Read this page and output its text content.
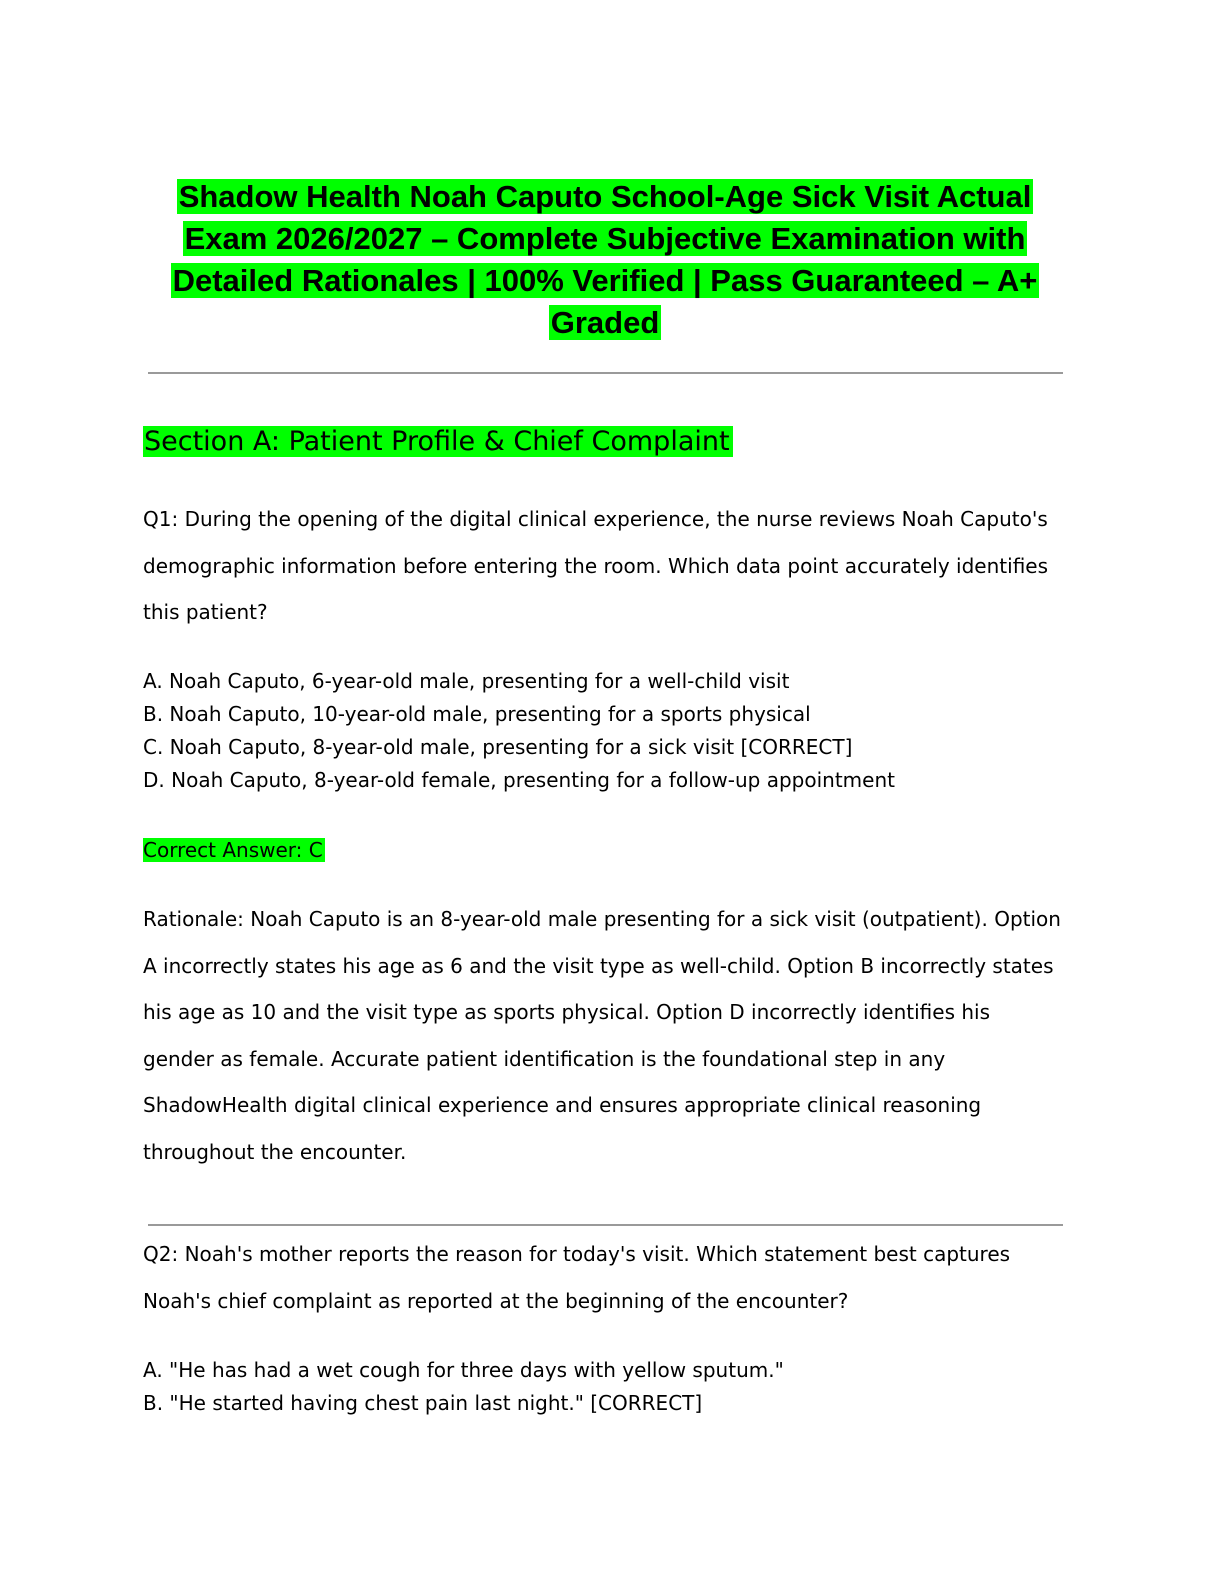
Shadow Health Noah Caputo School-Age Sick Visit Actual Exam 2026/2027 – Complete Subjective Examination with Detailed Rationales | 100% Verified | Pass Guaranteed – A+ Graded
Section A: Patient Profile & Chief Complaint

Q1: During the opening of the digital clinical experience, the nurse reviews Noah Caputo's demographic information before entering the room. Which data point accurately identifies this patient?

A. Noah Caputo, 6-year-old male, presenting for a well-child visit
B. Noah Caputo, 10-year-old male, presenting for a sports physical
C. Noah Caputo, 8-year-old male, presenting for a sick visit [CORRECT]
D. Noah Caputo, 8-year-old female, presenting for a follow-up appointment

Correct Answer: C

Rationale: Noah Caputo is an 8-year-old male presenting for a sick visit (outpatient). Option A incorrectly states his age as 6 and the visit type as well-child. Option B incorrectly states his age as 10 and the visit type as sports physical. Option D incorrectly identifies his gender as female. Accurate patient identification is the foundational step in any ShadowHealth digital clinical experience and ensures appropriate clinical reasoning throughout the encounter.

Q2: Noah's mother reports the reason for today's visit. Which statement best captures Noah's chief complaint as reported at the beginning of the encounter?

A. "He has had a wet cough for three days with yellow sputum."
B. "He started having chest pain last night." [CORRECT]
